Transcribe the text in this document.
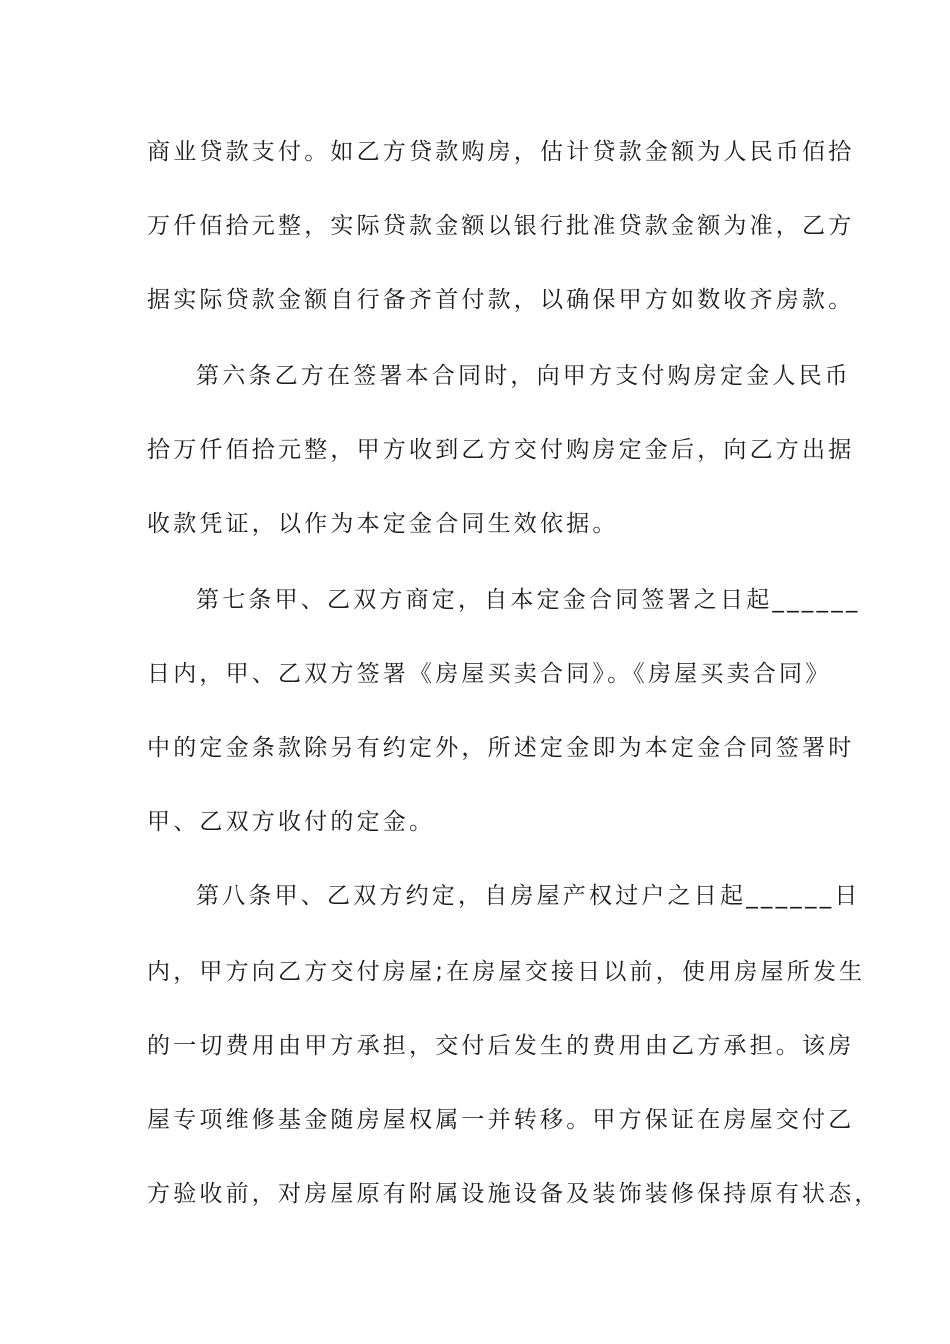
商业贷款支付。如乙方贷款购房，估计贷款金额为人民币佰拾
万仟佰拾元整，实际贷款金额以银行批准贷款金额为准，乙方
据实际贷款金额自行备齐首付款，以确保甲方如数收齐房款。
第六条乙方在签署本合同时，向甲方支付购房定金人民币
拾万仟佰拾元整，甲方收到乙方交付购房定金后，向乙方出据
收款凭证，以作为本定金合同生效依据。
第七条甲、乙双方商定，自本定金合同签署之日起______
日内，甲、乙双方签署《房屋买卖合同》。《房屋买卖合同》
中的定金条款除另有约定外，所述定金即为本定金合同签署时
甲、乙双方收付的定金。
第八条甲、乙双方约定，自房屋产权过户之日起______日
内，甲方向乙方交付房屋;在房屋交接日以前，使用房屋所发生
的一切费用由甲方承担，交付后发生的费用由乙方承担。该房
屋专项维修基金随房屋权属一并转移。甲方保证在房屋交付乙
方验收前，对房屋原有附属设施设备及装饰装修保持原有状态，
